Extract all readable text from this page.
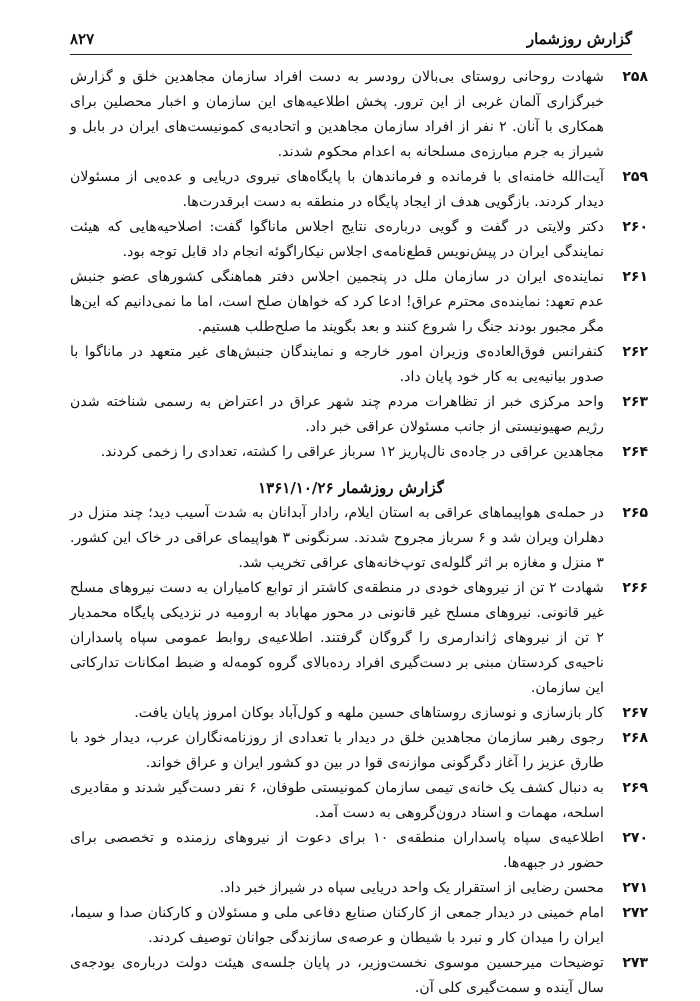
گزارش روزشمار
۸۲۷
۲۵۸
شهادت روحانی روستای بی‌بالان رودسر به دست افراد سازمان مجاهدین خلق و گزارش خبرگزاری آلمان غربی از این ترور. پخش اطلاعیه‌های این سازمان و اخبار محصلین برای همکاری با آنان. ۲ نفر از افراد سازمان مجاهدین و اتحادیه‌ی کمونیست‌های ایران در بابل و شیراز به جرم مبارزه‌ی مسلحانه به اعدام محکوم شدند.
۲۵۹
آیت‌الله خامنه‌ای با فرمانده و فرماندهان با پایگاه‌های نیروی دریایی و عده‌یی از مسئولان دیدار کردند. بازگویی هدف از ایجاد پایگاه در منطقه به دست ابرقدرت‌ها.
۲۶۰
دکتر ولایتی در گفت و گویی درباره‌ی نتایج اجلاس ماناگوا گفت: اصلاحیه‌هایی که هیئت نمایندگی ایران در پیش‌نویس قطع‌نامه‌ی اجلاس نیکاراگوئه انجام داد قابل توجه بود.
۲۶۱
نماینده‌ی ایران در سازمان ملل در پنجمین اجلاس دفتر هماهنگی کشورهای عضو جنبش عدم تعهد: نماینده‌ی محترم عراق! ادعا کرد که خواهان صلح است، اما ما نمی‌دانیم که این‌ها مگر مجبور بودند جنگ را شروع کنند و بعد بگویند ما صلح‌طلب هستیم.
۲۶۲
کنفرانس فوق‌العاده‌ی وزیران امور خارجه و نمایندگان جنبش‌های غیر متعهد در ماناگوا با صدور بیانیه‌یی به کار خود پایان داد.
۲۶۳
واحد مرکزی خبر از تظاهرات مردم چند شهر عراق در اعتراض به رسمی شناخته شدن رژیم صهیونیستی از جانب مسئولان عراقی خبر داد.
۲۶۴
مجاهدین عراقی در جاده‌ی نال‌پاریز ۱۲ سرباز عراقی را کشته، تعدادی را زخمی کردند.
گزارش روزشمار ۱۳۶۱/۱۰/۲۶
۲۶۵
در حمله‌ی هواپیماهای عراقی به استان ایلام، رادار آبدانان به شدت آسیب دید؛ چند منزل در دهلران ویران شد و ۶ سرباز مجروح شدند. سرنگونی ۳ هواپیمای عراقی در خاک این کشور. ۳ منزل و مغازه بر اثر گلوله‌ی توپ‌خانه‌های عراقی تخریب شد.
۲۶۶
شهادت ۲ تن از نیروهای خودی در منطقه‌ی کاشتر از توابع کامیاران به دست نیروهای مسلح غیر قانونی. نیروهای مسلح غیر قانونی در محور مهاباد به ارومیه در نزدیکی پایگاه محمدیار ۲ تن از نیروهای ژاندارمری را گروگان گرفتند. اطلاعیه‌ی روابط عمومی سپاه پاسداران ناحیه‌ی کردستان مبنی بر دست‌گیری افراد رده‌بالای گروه کومه‌له و ضبط امکانات تدارکاتی این سازمان.
۲۶۷
کار بازسازی و نوسازی روستاهای حسین ملهه و کول‌آباد بوکان امروز پایان یافت.
۲۶۸
رجوی رهبر سازمان مجاهدین خلق در دیدار با تعدادی از روزنامه‌نگاران عرب، دیدار خود با طارق عزیز را آغاز دگرگونی موازنه‌ی قوا در بین دو کشور ایران و عراق خواند.
۲۶۹
به دنبال کشف یک خانه‌ی تیمی سازمان کمونیستی طوفان، ۶ نفر دست‌گیر شدند و مقادیری اسلحه، مهمات و اسناد درون‌گروهی به دست آمد.
۲۷۰
اطلاعیه‌ی سپاه پاسداران منطقه‌ی ۱۰ برای دعوت از نیروهای رزمنده و تخصصی برای حضور در جبهه‌ها.
۲۷۱
محسن رضایی از استقرار یک واحد دریایی سپاه در شیراز خبر داد.
۲۷۲
امام خمینی در دیدار جمعی از کارکنان صنایع دفاعی ملی و مسئولان و کارکنان صدا و سیما، ایران را میدان کار و نبرد با شیطان و عرصه‌ی سازندگی جوانان توصیف کردند.
۲۷۳
توضیحات میرحسین موسوی نخست‌وزیر، در پایان جلسه‌ی هیئت دولت درباره‌ی بودجه‌ی سال آینده و سمت‌گیری کلی آن.
